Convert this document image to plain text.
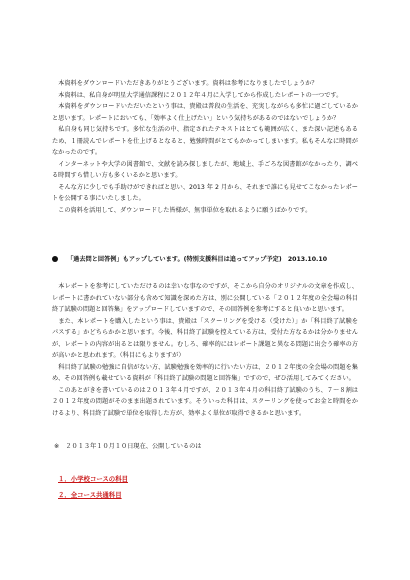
　本資料をダウンロードいただきありがとうございます。資料は参考になりましたでしょうか？
　本資料は、私自身が明星大学通信課程に２０１２年４月に入学してから作成したレポートの一つです。
　本資料をダウンロードいただいたという事は、貴殿は普段の生活を、充実しながらも多忙に過ごしているかと思います。レポートにおいても、「効率よく仕上げたい」という気持ちがあるのではないでしょうか？
　私自身も同じ気持ちです。多忙な生活の中、指定されたテキストはとても範囲が広く、また深い記述もあるため、１冊読んでレポートを仕上げるとなると、勉強時間がとてもかかってしまいます。私もそんなに時間がなかったのです。
　インターネットや大学の図書館で、文献を読み探しましたが、地域上、手ごろな図書館がなかったり、調べる時間すら惜しい方も多くいるかと思います。
　そんな方に少しでも手助けができればと思い、2013 年 2 月から、それまで誰にも見せてこなかったレポートを公開する事にいたしました。
　この資料を活用して、ダウンロードした皆様が、無事単位を取れるように願うばかりです。
「過去問と回答例」もアップしています。(特別支援科目は追ってアップ予定)　2013.10.10
　本レポートを参考にしていただけるのは幸いな事なのですが、そこから自分のオリジナルの文章を作成し、レポートに書かれていない部分も含めて知識を深めた方は、別に公開している「２０１２年度の全会場の科目終了試験の問題と回答集」をアップロードしていますので、その回答例を参考にすると良いかと思います。
　また、本レポートを購入したという事は、貴殿は「スクーリングを受ける（受けた）」か「科目終了試験をパスする」かどちらかかと思います。今後、科目終了試験を控えている方は、受付た方なるかは分かりませんが、レポートの内容が出るとは限りません。むしろ、確率的にはレポート課題と異なる問題に出会う確率の方が高いかと思われます。（科目にもよりますが）
　科目終了試験の勉強に自信がない方、試験勉強を効率的に行いたい方は、２０１２年度の全会場の問題を集め、その回答例も載せている資料が「科目終了試験の問題と回答集」ですので、ぜひ活用してみてください。
　このあとがきを書いているのは２０１３年４月ですが、２０１３年４月の科目終了試験のうち、７～８割は２０１２年度の問題がそのまま出題されています。そういった科目は、スクーリングを使ってお金と時間をかけるより、科目終了試験で単位を取得した方が、効率よく単位が取得できるかと思います。
※　２０１３年１０月１０日現在、公開しているのは
１．小学校コースの科目
２．全コース共通科目
